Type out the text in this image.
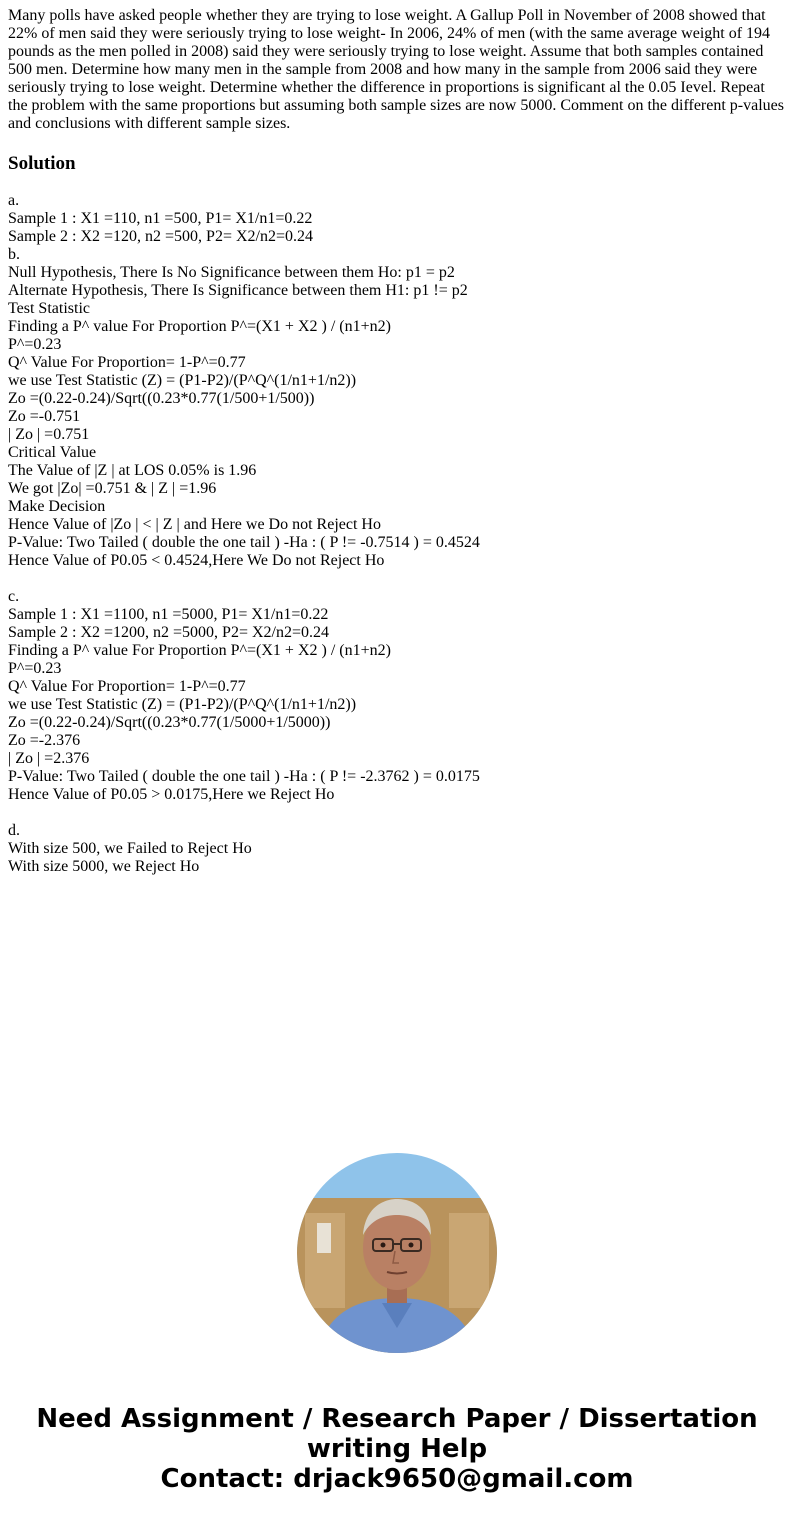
Many polls have asked people whether they are trying to lose weight. A Gallup Poll in November of 2008 showed that 22% of men said they were seriously trying to lose weight- In 2006, 24% of men (with the same average weight of 194 pounds as the men polled in 2008) said they were seriously trying to lose weight. Assume that both samples contained 500 men. Determine how many men in the sample from 2008 and how many in the sample from 2006 said they were seriously trying to lose weight. Determine whether the difference in proportions is significant al the 0.05 Ievel. Repeat the problem with the same proportions but assuming both sample sizes are now 5000. Comment on the different p-values and conclusions with different sample sizes.

Solution
a.
Sample 1 : X1 =110, n1 =500, P1= X1/n1=0.22
Sample 2 : X2 =120, n2 =500, P2= X2/n2=0.24
b.
Null Hypothesis, There Is No Significance between them Ho: p1 = p2
Alternate Hypothesis, There Is Significance between them H1: p1 != p2
Test Statistic
Finding a P^ value For Proportion P^=(X1 + X2 ) / (n1+n2)
P^=0.23
Q^ Value For Proportion= 1-P^=0.77
we use Test Statistic (Z) = (P1-P2)/(P^Q^(1/n1+1/n2))
Zo =(0.22-0.24)/Sqrt((0.23*0.77(1/500+1/500))
Zo =-0.751
| Zo | =0.751
Critical Value
The Value of |Z | at LOS 0.05% is 1.96
We got |Zo| =0.751 & | Z | =1.96
Make Decision
Hence Value of |Zo | < | Z | and Here we Do not Reject Ho
P-Value: Two Tailed ( double the one tail ) -Ha : ( P != -0.7514 ) = 0.4524
Hence Value of P0.05 < 0.4524,Here We Do not Reject Ho
c.
Sample 1 : X1 =1100, n1 =5000, P1= X1/n1=0.22
Sample 2 : X2 =1200, n2 =5000, P2= X2/n2=0.24
Finding a P^ value For Proportion P^=(X1 + X2 ) / (n1+n2)
P^=0.23
Q^ Value For Proportion= 1-P^=0.77
we use Test Statistic (Z) = (P1-P2)/(P^Q^(1/n1+1/n2))
Zo =(0.22-0.24)/Sqrt((0.23*0.77(1/5000+1/5000))
Zo =-2.376
| Zo | =2.376
P-Value: Two Tailed ( double the one tail ) -Ha : ( P != -2.3762 ) = 0.0175
Hence Value of P0.05 > 0.0175,Here we Reject Ho
d.
With size 500, we Failed to Reject Ho
With size 5000, we Reject Ho
Need Assignment / Research Paper / Dissertation
writing Help
Contact: drjack9650@gmail.com
